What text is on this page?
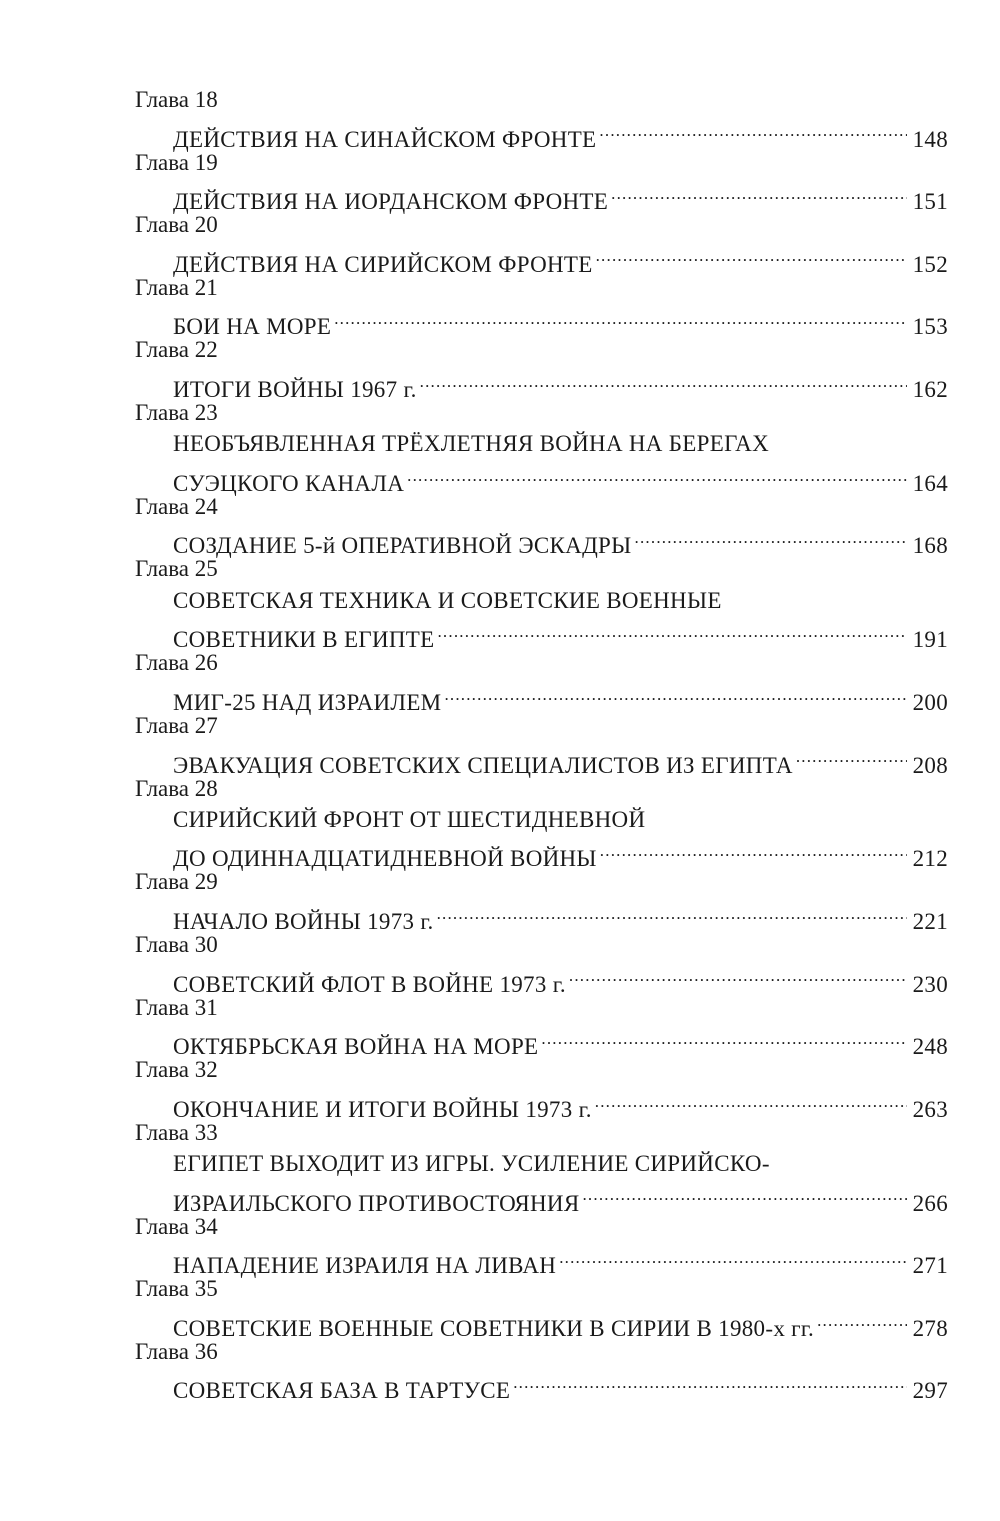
Глава 18
ДЕЙСТВИЯ НА СИНАЙСКОМ ФРОНТЕ .....	148
Глава 19
ДЕЙСТВИЯ НА ИОРДАНСКОМ ФРОНТЕ .....	151
Глава 20
ДЕЙСТВИЯ НА СИРИЙСКОМ ФРОНТЕ .....	152
Глава 21
БОИ НА МОРЕ .....	153
Глава 22
ИТОГИ ВОЙНЫ 1967 г. .....	162
Глава 23
НЕОБЪЯВЛЕННАЯ ТРЁХЛЕТНЯЯ ВОЙНА НА БЕРЕГАХ
СУЭЦКОГО КАНАЛА .....	164
Глава 24
СОЗДАНИЕ 5-й ОПЕРАТИВНОЙ ЭСКАДРЫ .....	168
Глава 25
СОВЕТСКАЯ ТЕХНИКА И СОВЕТСКИЕ ВОЕННЫЕ
СОВЕТНИКИ В ЕГИПТЕ .....	191
Глава 26
МИГ-25 НАД ИЗРАИЛЕМ .....	200
Глава 27
ЭВАКУАЦИЯ СОВЕТСКИХ СПЕЦИАЛИСТОВ ИЗ ЕГИПТА .....	208
Глава 28
СИРИЙСКИЙ ФРОНТ ОТ ШЕСТИДНЕВНОЙ
ДО ОДИННАДЦАТИДНЕВНОЙ ВОЙНЫ .....	212
Глава 29
НАЧАЛО ВОЙНЫ 1973 г. .....	221
Глава 30
СОВЕТСКИЙ ФЛОТ В ВОЙНЕ 1973 г. .....	230
Глава 31
ОКТЯБРЬСКАЯ ВОЙНА НА МОРЕ .....	248
Глава 32
ОКОНЧАНИЕ И ИТОГИ ВОЙНЫ 1973 г. .....	263
Глава 33
ЕГИПЕТ ВЫХОДИТ ИЗ ИГРЫ. УСИЛЕНИЕ СИРИЙСКО-
ИЗРАИЛЬСКОГО ПРОТИВОСТОЯНИЯ .....	266
Глава 34
НАПАДЕНИЕ ИЗРАИЛЯ НА ЛИВАН .....	271
Глава 35
СОВЕТСКИЕ ВОЕННЫЕ СОВЕТНИКИ В СИРИИ В 1980-х гг. .....	278
Глава 36
СОВЕТСКАЯ БАЗА В ТАРТУСЕ .....	297
